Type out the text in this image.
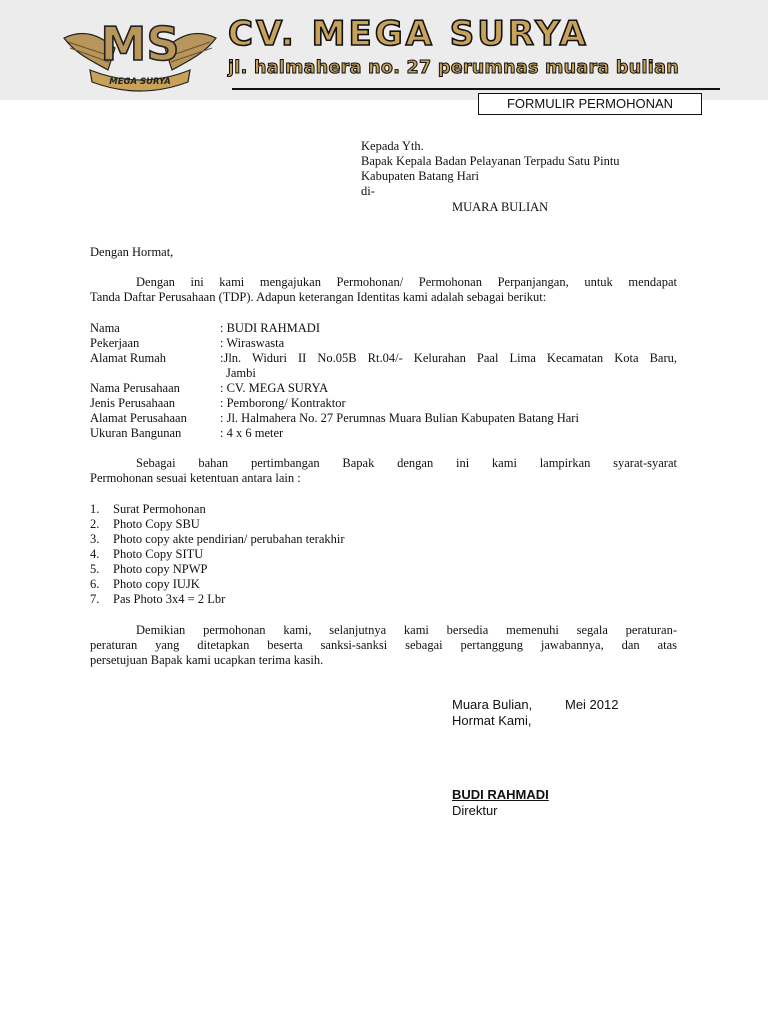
MEGA SURYA
MS CV. MEGA SURYA
jl. halmahera no. 27 perumnas muara bulian
FORMULIR PERMOHONAN
Kepada Yth.
Bapak Kepala Badan Pelayanan Terpadu Satu Pintu
Kabupaten Batang Hari
di-
MUARA BULIAN
Dengan Hormat,
Dengan ini kami mengajukan Permohonan/ Permohonan Perpanjangan, untuk mendapat
Tanda Daftar Perusahaan (TDP). Adapun keterangan Identitas kami adalah sebagai berikut:
Nama	: BUDI RAHMADI
Pekerjaan	: Wiraswasta
Alamat Rumah	:Jln. Widuri II No.05B Rt.04/- Kelurahan Paal Lima Kecamatan Kota Baru,
Jambi
Nama Perusahaan	: CV. MEGA SURYA
Jenis Perusahaan	: Pemborong/ Kontraktor
Alamat Perusahaan	: Jl. Halmahera No. 27 Perumnas Muara Bulian Kabupaten Batang Hari
Ukuran Bangunan	: 4 x 6 meter
Sebagai bahan pertimbangan Bapak dengan ini kami lampirkan syarat-syarat
Permohonan sesuai ketentuan antara lain :
1. Surat Permohonan
2. Photo Copy SBU
3. Photo copy akte pendirian/ perubahan terakhir
4. Photo Copy SITU
5. Photo copy NPWP
6. Photo copy IUJK
7. Pas Photo 3x4 = 2 Lbr
Demikian permohonan kami, selanjutnya kami bersedia memenuhi segala peraturan-
peraturan yang ditetapkan beserta sanksi-sanksi sebagai pertanggung jawabannya, dan atas
persetujuan Bapak kami ucapkan terima kasih.
Muara Bulian,	Mei 2012
Hormat Kami,
BUDI RAHMADI
Direktur
